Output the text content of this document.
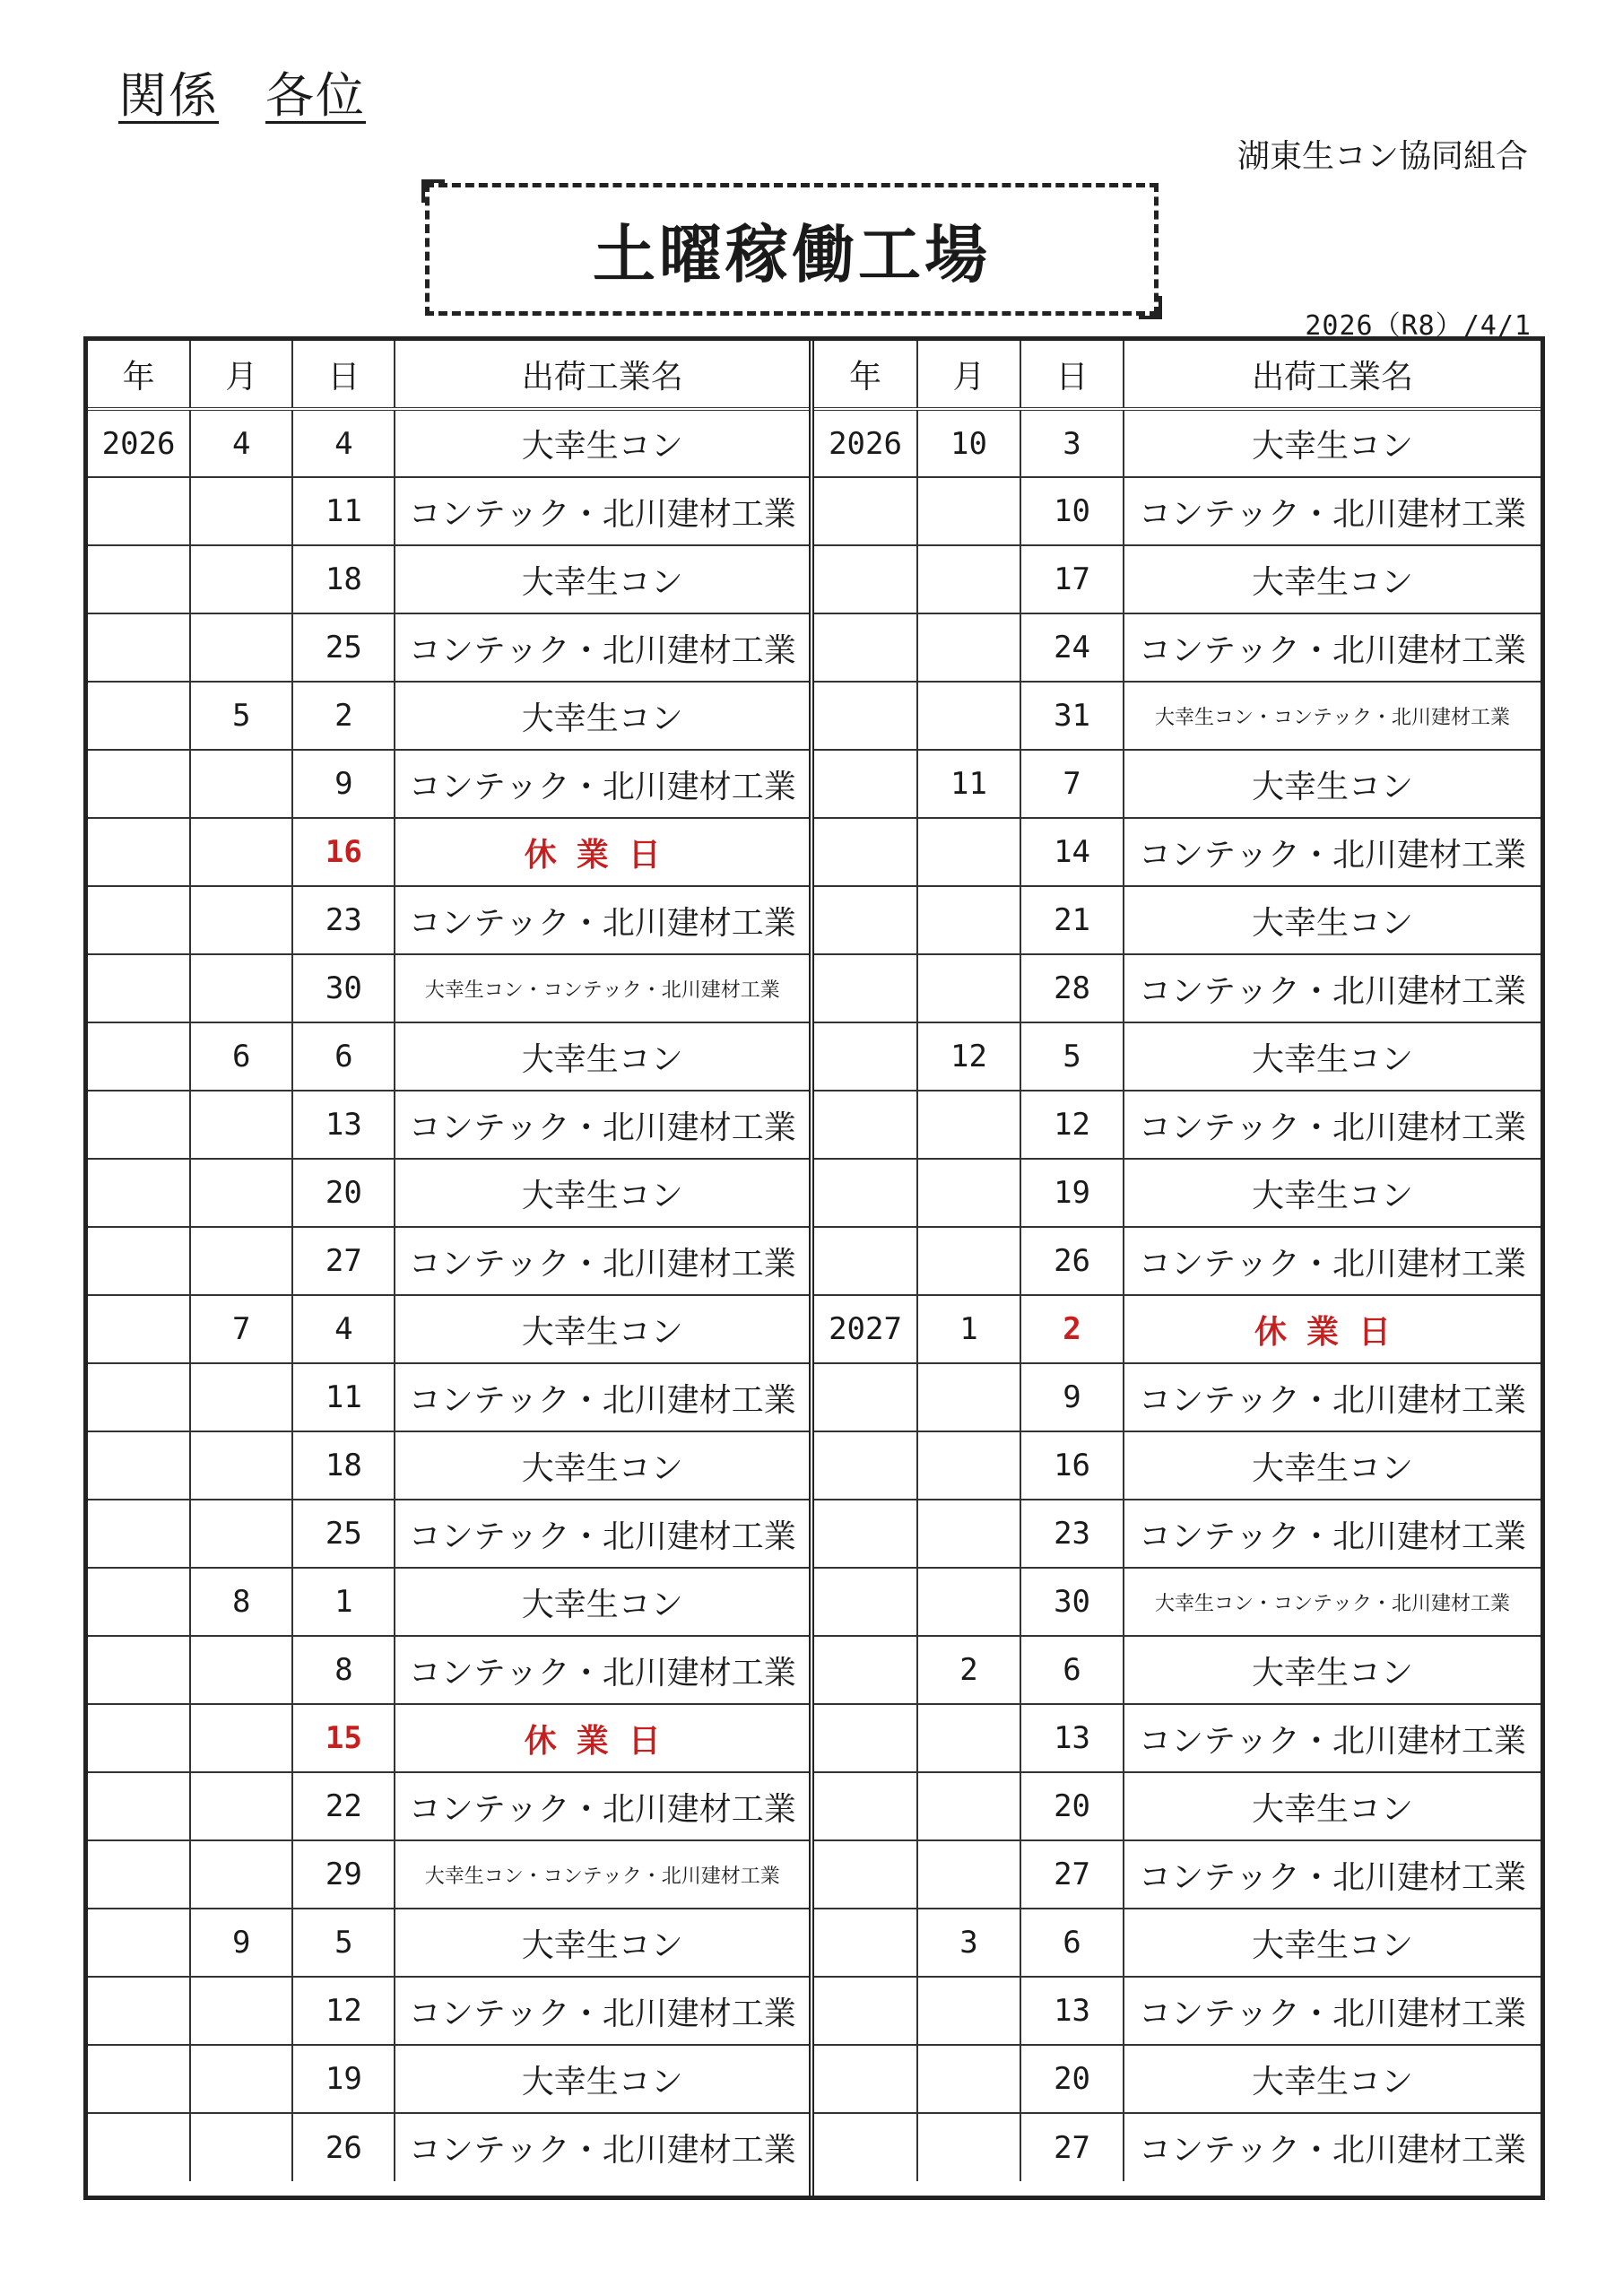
関係 各位
湖東生コン協同組合
土曜稼働工場
2026（R8）/4/1
年	月	日	出荷工業名
2026	4	4	大幸生コン
		11	コンテック・北川建材工業
		18	大幸生コン
		25	コンテック・北川建材工業
	5	2	大幸生コン
		9	コンテック・北川建材工業
		16	休業日
		23	コンテック・北川建材工業
		30	大幸生コン・コンテック・北川建材工業
	6	6	大幸生コン
		13	コンテック・北川建材工業
		20	大幸生コン
		27	コンテック・北川建材工業
	7	4	大幸生コン
		11	コンテック・北川建材工業
		18	大幸生コン
		25	コンテック・北川建材工業
	8	1	大幸生コン
		8	コンテック・北川建材工業
		15	休業日
		22	コンテック・北川建材工業
		29	大幸生コン・コンテック・北川建材工業
	9	5	大幸生コン
		12	コンテック・北川建材工業
		19	大幸生コン
		26	コンテック・北川建材工業
年	月	日	出荷工業名
2026	10	3	大幸生コン
		10	コンテック・北川建材工業
		17	大幸生コン
		24	コンテック・北川建材工業
		31	大幸生コン・コンテック・北川建材工業
	11	7	大幸生コン
		14	コンテック・北川建材工業
		21	大幸生コン
		28	コンテック・北川建材工業
	12	5	大幸生コン
		12	コンテック・北川建材工業
		19	大幸生コン
		26	コンテック・北川建材工業
2027	1	2	休業日
		9	コンテック・北川建材工業
		16	大幸生コン
		23	コンテック・北川建材工業
		30	大幸生コン・コンテック・北川建材工業
	2	6	大幸生コン
		13	コンテック・北川建材工業
		20	大幸生コン
		27	コンテック・北川建材工業
	3	6	大幸生コン
		13	コンテック・北川建材工業
		20	大幸生コン
		27	コンテック・北川建材工業
